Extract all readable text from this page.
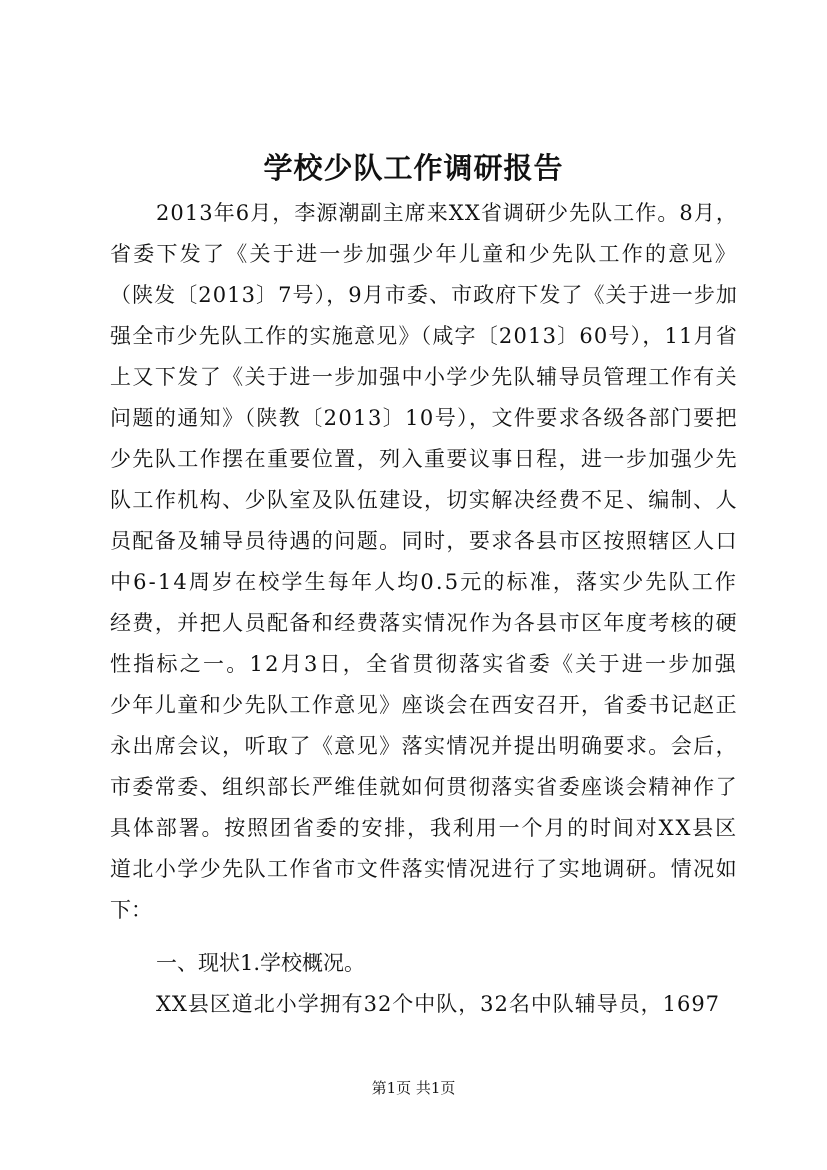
学校少队工作调研报告
2013年6月，李源潮副主席来XX省调研少先队工作。8月，
省委下发了《关于进一步加强少年儿童和少先队工作的意见》
（陕发〔2013〕7号），9月市委、市政府下发了《关于进一步加
强全市少先队工作的实施意见》（咸字〔2013〕60号），11月省
上又下发了《关于进一步加强中小学少先队辅导员管理工作有关
问题的通知》（陕教〔2013〕10号），文件要求各级各部门要把
少先队工作摆在重要位置，列入重要议事日程，进一步加强少先
队工作机构、少队室及队伍建设，切实解决经费不足、编制、人
员配备及辅导员待遇的问题。同时，要求各县市区按照辖区人口
中6-14周岁在校学生每年人均0.5元的标准，落实少先队工作
经费，并把人员配备和经费落实情况作为各县市区年度考核的硬
性指标之一。12月3日，全省贯彻落实省委《关于进一步加强
少年儿童和少先队工作意见》座谈会在西安召开，省委书记赵正
永出席会议，听取了《意见》落实情况并提出明确要求。会后，
市委常委、组织部长严维佳就如何贯彻落实省委座谈会精神作了
具体部署。按照团省委的安排，我利用一个月的时间对XX县区
道北小学少先队工作省市文件落实情况进行了实地调研。情况如
下：
一、现状1.学校概况。
XX县区道北小学拥有32个中队，32名中队辅导员，1697
第1页 共1页
